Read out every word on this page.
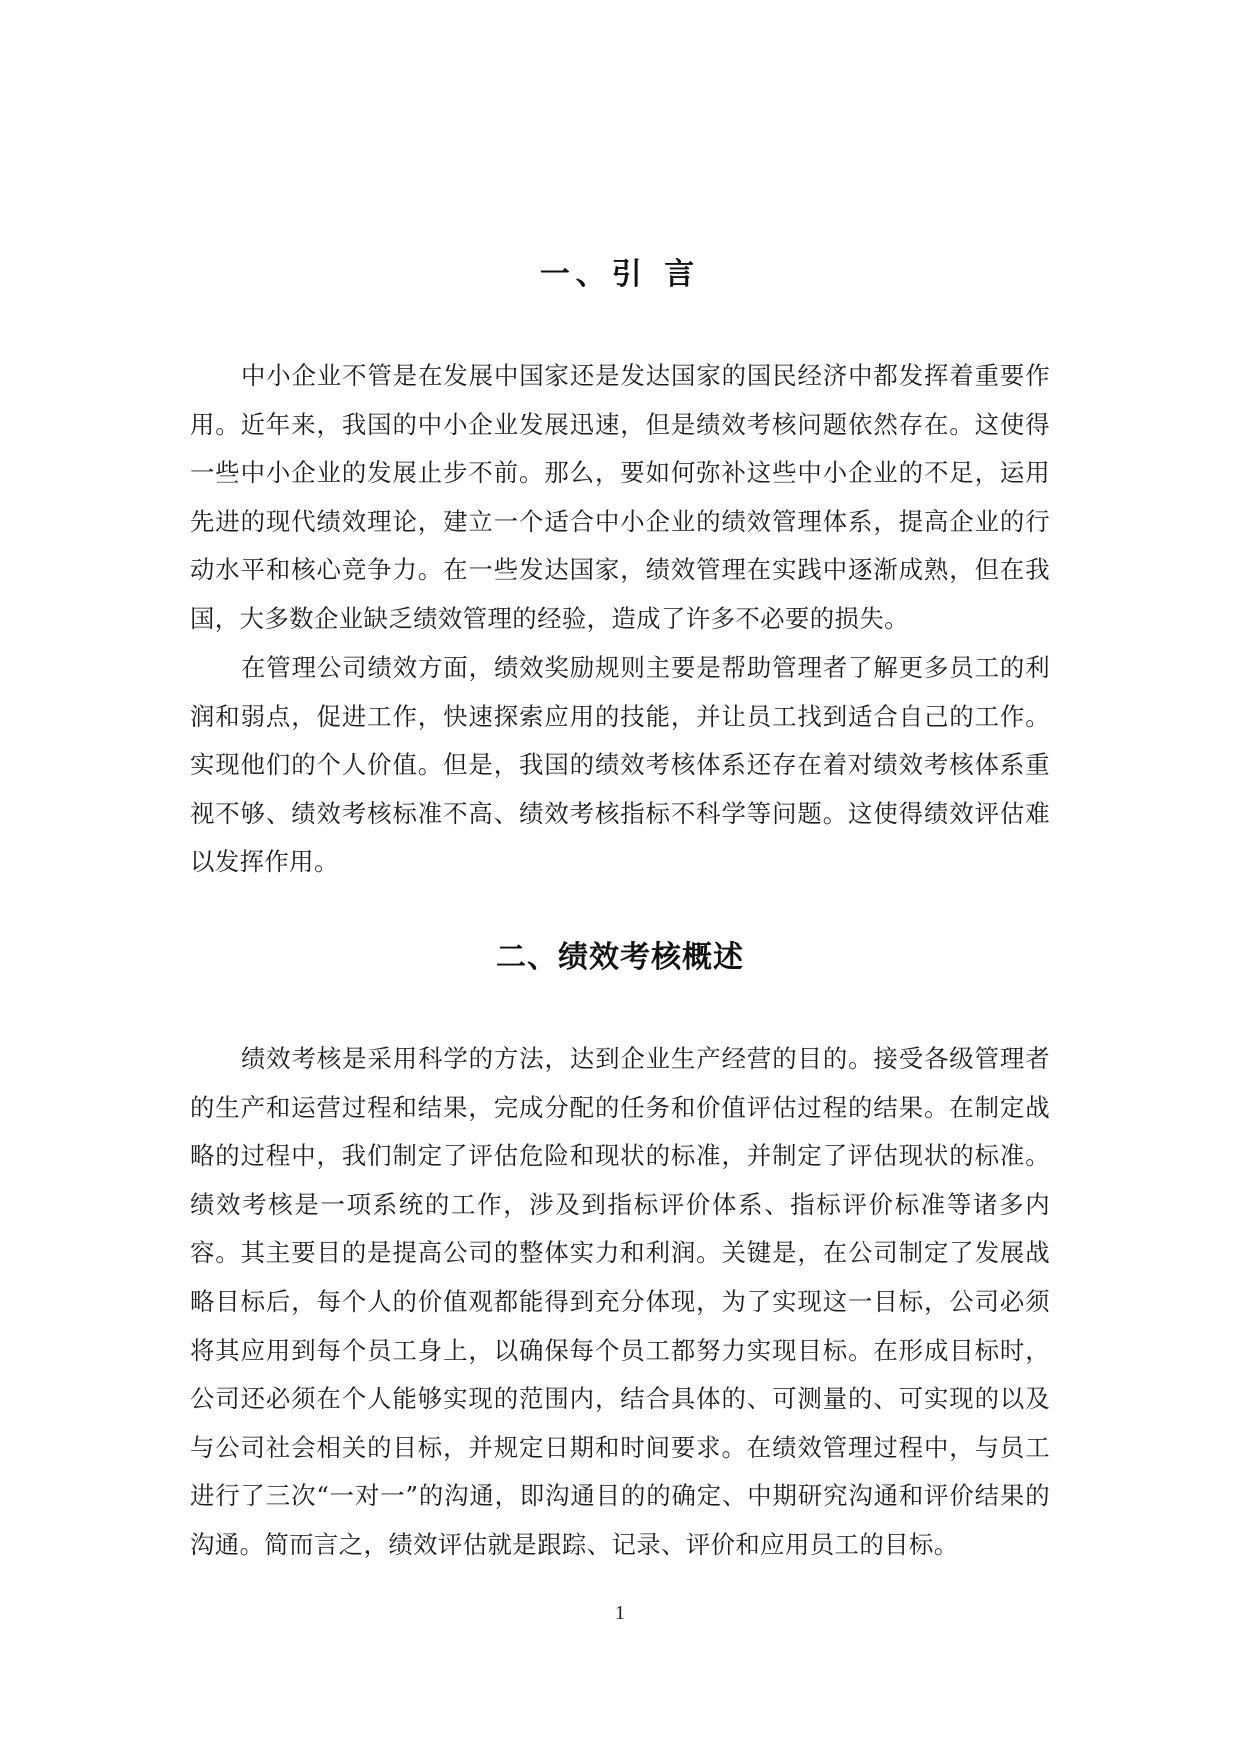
一、引 言

中小企业不管是在发展中国家还是发达国家的国民经济中都发挥着重要作用。近年来，我国的中小企业发展迅速，但是绩效考核问题依然存在。这使得一些中小企业的发展止步不前。那么，要如何弥补这些中小企业的不足，运用先进的现代绩效理论，建立一个适合中小企业的绩效管理体系，提高企业的行动水平和核心竞争力。在一些发达国家，绩效管理在实践中逐渐成熟，但在我国，大多数企业缺乏绩效管理的经验，造成了许多不必要的损失。

在管理公司绩效方面，绩效奖励规则主要是帮助管理者了解更多员工的利润和弱点，促进工作，快速探索应用的技能，并让员工找到适合自己的工作。实现他们的个人价值。但是，我国的绩效考核体系还存在着对绩效考核体系重视不够、绩效考核标准不高、绩效考核指标不科学等问题。这使得绩效评估难以发挥作用。

二、绩效考核概述

绩效考核是采用科学的方法，达到企业生产经营的目的。接受各级管理者的生产和运营过程和结果，完成分配的任务和价值评估过程的结果。在制定战略的过程中，我们制定了评估危险和现状的标准，并制定了评估现状的标准。绩效考核是一项系统的工作，涉及到指标评价体系、指标评价标准等诸多内容。其主要目的是提高公司的整体实力和利润。关键是，在公司制定了发展战略目标后，每个人的价值观都能得到充分体现，为了实现这一目标，公司必须将其应用到每个员工身上，以确保每个员工都努力实现目标。在形成目标时，公司还必须在个人能够实现的范围内，结合具体的、可测量的、可实现的以及与公司社会相关的目标，并规定日期和时间要求。在绩效管理过程中，与员工进行了三次“一对一”的沟通，即沟通目的的确定、中期研究沟通和评价结果的沟通。简而言之，绩效评估就是跟踪、记录、评价和应用员工的目标。

1
